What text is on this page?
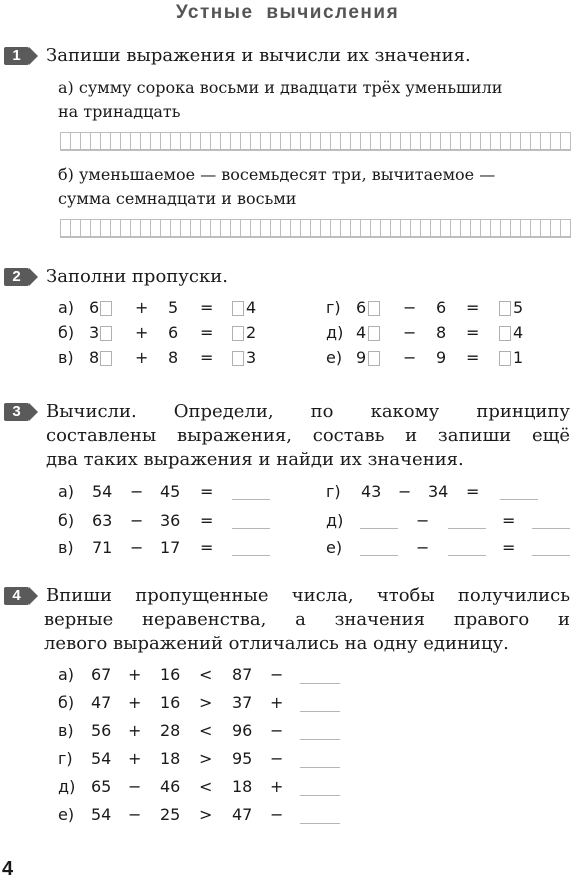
Устные вычисления
1	Запиши выражения и вычисли их значения.
а) сумму сорока восьми и двадцати трёх уменьшили
на тринадцать
б) уменьшаемое — восемьдесят три, вычитаемое —
сумма семнадцати и восьми
2	Заполни пропуски.
а) 6 + 5 = 4
б) 3 + 6 = 2
в) 8 + 8 = 3
г) 6 − 6 = 5
д) 4 − 8 = 4
е) 9 − 9 = 1
3	Вычисли. Определи, по какому принципу
составлены выражения, составь и запиши ещё
два таких выражения и найди их значения.
а) 54 − 45 =
б) 63 − 36 =
в) 71 − 17 =
г) 43 − 34 =
д)	−	=
е)	−	=
4	Впиши пропущенные числа, чтобы получились
верные неравенства, а значения правого и
левого выражений отличались на одну единицу.
а) 67 + 16 < 87 −
б) 47 + 16 > 37 +
в) 56 + 28 < 96 −
г) 54 + 18 > 95 −
д) 65 − 46 < 18 +
е) 54 − 25 > 47 −
4
